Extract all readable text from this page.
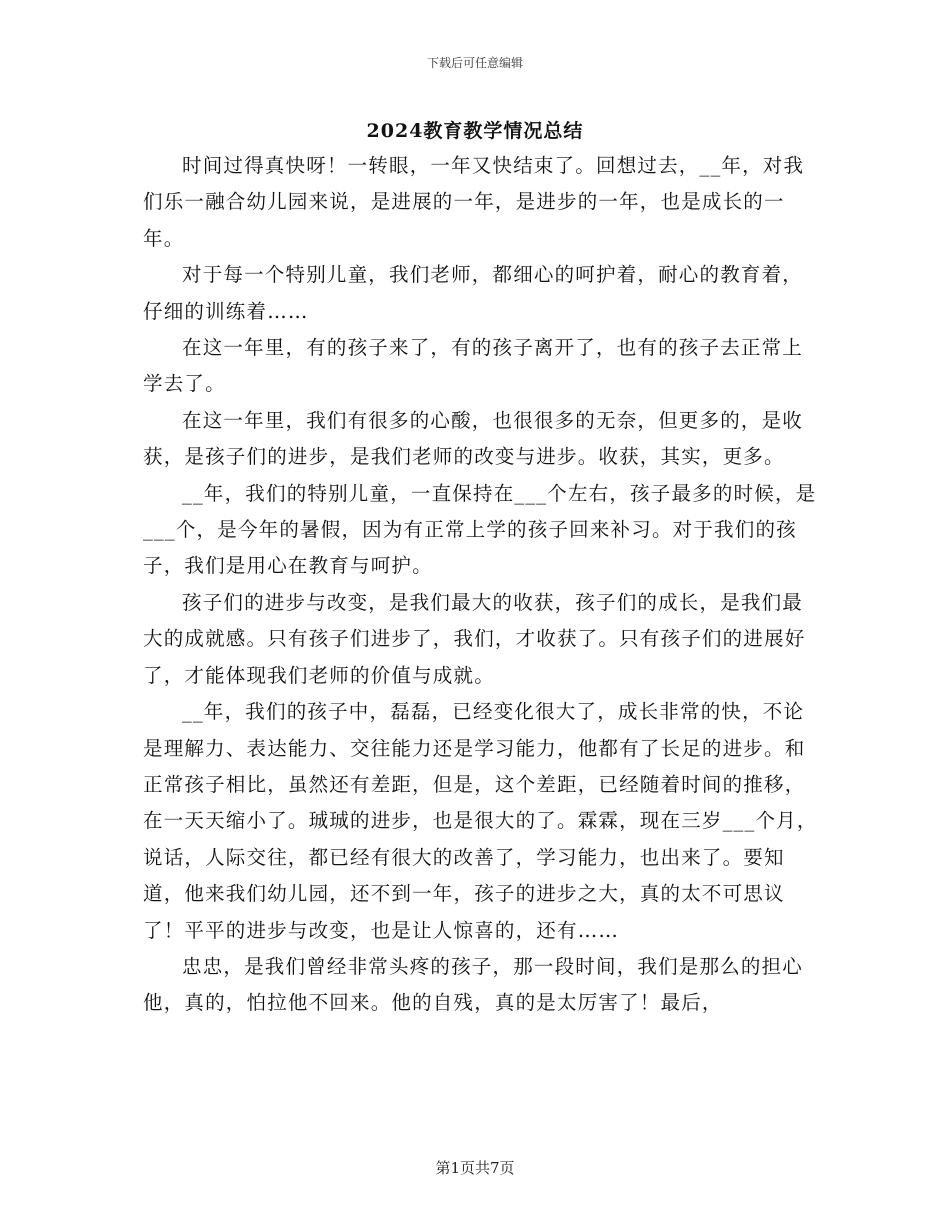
下载后可任意编辑
2024教育教学情况总结

时间过得真快呀！一转眼，一年又快结束了。回想过去，__年，对我们乐一融合幼儿园来说，是进展的一年，是进步的一年，也是成长的一年。

对于每一个特别儿童，我们老师，都细心的呵护着，耐心的教育着，仔细的训练着……

在这一年里，有的孩子来了，有的孩子离开了，也有的孩子去正常上学去了。

在这一年里，我们有很多的心酸，也很很多的无奈，但更多的，是收获，是孩子们的进步，是我们老师的改变与进步。收获，其实，更多。

__年，我们的特别儿童，一直保持在___个左右，孩子最多的时候，是___个，是今年的暑假，因为有正常上学的孩子回来补习。对于我们的孩子，我们是用心在教育与呵护。

孩子们的进步与改变，是我们最大的收获，孩子们的成长，是我们最大的成就感。只有孩子们进步了，我们，才收获了。只有孩子们的进展好了，才能体现我们老师的价值与成就。

__年，我们的孩子中，磊磊，已经变化很大了，成长非常的快，不论是理解力、表达能力、交往能力还是学习能力，他都有了长足的进步。和正常孩子相比，虽然还有差距，但是，这个差距，已经随着时间的推移，在一天天缩小了。珹珹的进步，也是很大的了。霖霖，现在三岁___个月，说话，人际交往，都已经有很大的改善了，学习能力，也出来了。要知道，他来我们幼儿园，还不到一年，孩子的进步之大，真的太不可思议了！平平的进步与改变，也是让人惊喜的，还有……

忠忠，是我们曾经非常头疼的孩子，那一段时间，我们是那么的担心他，真的，怕拉他不回来。他的自残，真的是太厉害了！最后，

第1页共7页
